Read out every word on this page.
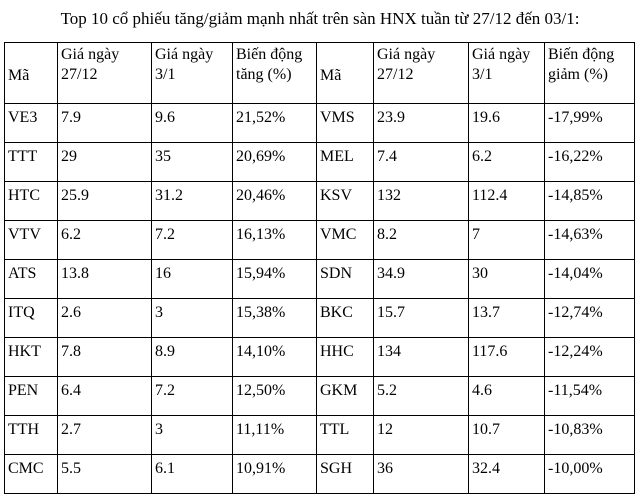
Top 10 cổ phiếu tăng/giảm mạnh nhất trên sàn HNX tuần từ 27/12 đến 03/1:
Mã	Giá ngày 27/12	Giá ngày 3/1	Biến động tăng (%)	Mã	Giá ngày 27/12	Giá ngày 3/1	Biến động giảm (%)
VE3	7.9	9.6	21,52%	VMS	23.9	19.6	-17,99%
TTT	29	35	20,69%	MEL	7.4	6.2	-16,22%
HTC	25.9	31.2	20,46%	KSV	132	112.4	-14,85%
VTV	6.2	7.2	16,13%	VMC	8.2	7	-14,63%
ATS	13.8	16	15,94%	SDN	34.9	30	-14,04%
ITQ	2.6	3	15,38%	BKC	15.7	13.7	-12,74%
HKT	7.8	8.9	14,10%	HHC	134	117.6	-12,24%
PEN	6.4	7.2	12,50%	GKM	5.2	4.6	-11,54%
TTH	2.7	3	11,11%	TTL	12	10.7	-10,83%
CMC	5.5	6.1	10,91%	SGH	36	32.4	-10,00%
